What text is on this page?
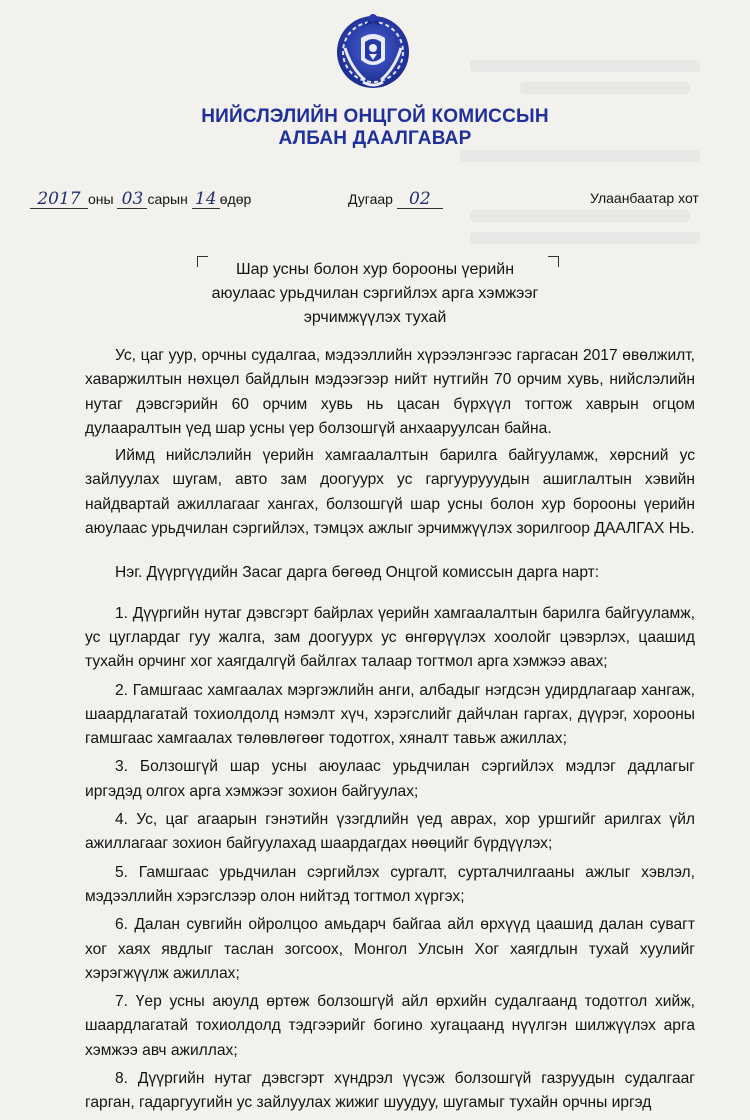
НИЙСЛЭЛИЙН ОНЦГОЙ КОМИССЫН
АЛБАН ДААЛГАВАР
2017 оны 03 сарын 14 өдөр	Дугаар 02	Улаанбаатар хот
Шар усны болон хур борооны үерийн
аюулаас урьдчилан сэргийлэх арга хэмжээг
эрчимжүүлэх тухай

Ус, цаг уур, орчны судалгаа, мэдээллийн хүрээлэнгээс гаргасан 2017 өвөлжилт, хаваржилтын нөхцөл байдлын мэдээгээр нийт нутгийн 70 орчим хувь, нийслэлийн нутаг дэвсгэрийн 60 орчим хувь нь цасан бүрхүүл тогтож хаврын огцом дулааралтын үед шар усны үер болзошгүй анхааруулсан байна.

Иймд нийслэлийн үерийн хамгаалалтын барилга байгууламж, хөрсний ус зайлуулах шугам, авто зам доогуурх ус гаргуурууудын ашиглалтын хэвийн найдвартай ажиллагааг хангах, болзошгүй шар усны болон хур борооны үерийн аюулаас урьдчилан сэргийлэх, тэмцэх ажлыг эрчимжүүлэх зорилгоор ДААЛГАХ НЬ.

Нэг. Дүүргүүдийн Засаг дарга бөгөөд Онцгой комиссын дарга нарт:

1. Дүүргийн нутаг дэвсгэрт байрлах үерийн хамгаалалтын барилга байгууламж, ус цуглардаг гуу жалга, зам доогуурх ус өнгөрүүлэх хоолойг цэвэрлэх, цаашид тухайн орчинг хог хаягдалгүй байлгах талаар тогтмол арга хэмжээ авах;
2. Гамшгаас хамгаалах мэргэжлийн анги, албадыг нэгдсэн удирдлагаар хангаж, шаардлагатай тохиолдолд нэмэлт хүч, хэрэгслийг дайчлан гаргах, дүүрэг, хорооны гамшгаас хамгаалах төлөвлөгөөг тодотгох, хяналт тавьж ажиллах;
3. Болзошгүй шар усны аюулаас урьдчилан сэргийлэх мэдлэг дадлагыг иргэдэд олгох арга хэмжээг зохион байгуулах;
4. Ус, цаг агаарын гэнэтийн үзэгдлийн үед аврах, хор уршгийг арилгах үйл ажиллагааг зохион байгуулахад шаардагдах нөөцийг бүрдүүлэх;
5. Гамшгаас урьдчилан сэргийлэх сургалт, сурталчилгааны ажлыг хэвлэл, мэдээллийн хэрэгслээр олон нийтэд тогтмол хүргэх;
6. Далан сувгийн ойролцоо амьдарч байгаа айл өрхүүд цаашид далан сувагт хог хаях явдлыг таслан зогсоох, Монгол Улсын Хог хаягдлын тухай хуулийг хэрэгжүүлж ажиллах;
7. Үер усны аюулд өртөж болзошгүй айл өрхийн судалгаанд тодотгол хийж, шаардлагатай тохиолдолд тэдгээрийг богино хугацаанд нүүлгэн шилжүүлэх арга хэмжээ авч ажиллах;
8. Дүүргийн нутаг дэвсгэрт хүндрэл үүсэж болзошгүй газруудын судалгааг гарган, гадаргуугийн ус зайлуулах жижиг шуудуу, шугамыг тухайн орчны иргэд
